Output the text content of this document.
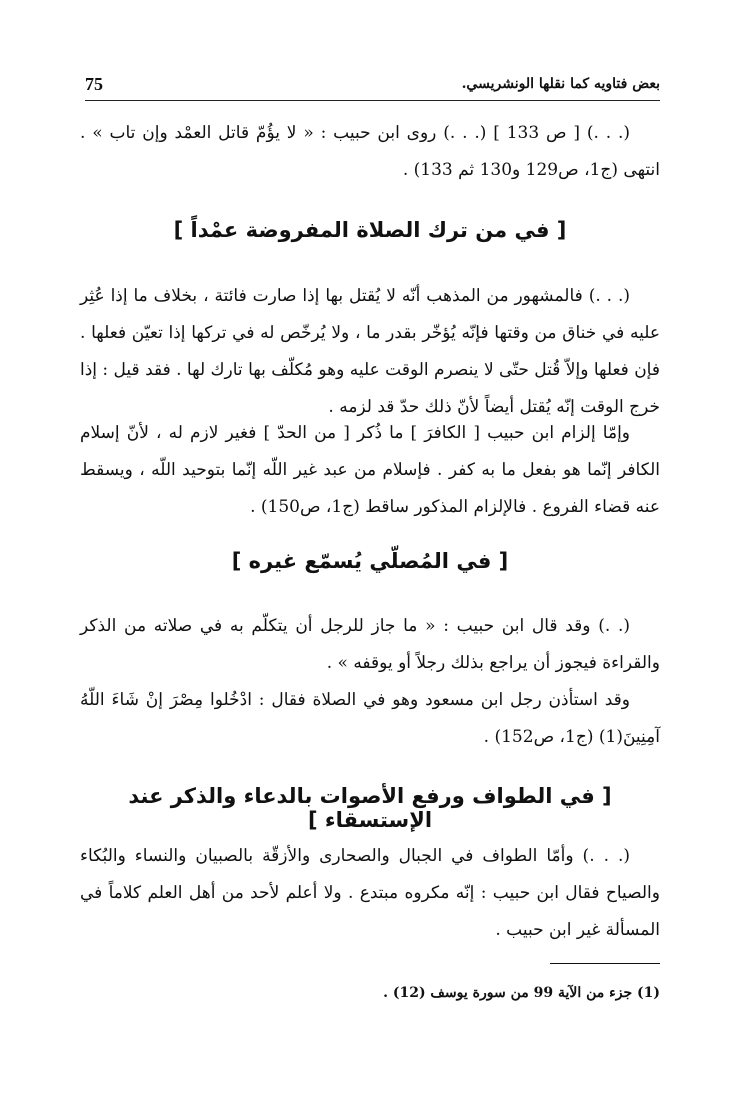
75	بعض فتاويه كما نقلها الونشريسي.

(. . .) [ ص 133 ] (. . .) روى ابن حبيب : « لا يؤُمّ قاتل العمْد وإن تاب » . انتهى (ج1، ص129 و130 ثم 133) .

[ في من ترك الصلاة المفروضة عمْداً ]

(. . .) فالمشهور من المذهب أنّه لا يُقتل بها إذا صارت فائتة ، بخلاف ما إذا عُثِر عليه في خناق من وقتها فإنّه يُؤخّر بقدر ما ، ولا يُرخّص له في تركها إذا تعيّن فعلها . فإن فعلها وإلاّ قُتل حتّى لا ينصرم الوقت عليه وهو مُكلّف بها تارك لها . فقد قيل : إذا خرج الوقت إنّه يُقتل أيضاً لأنّ ذلك حدّ قد لزمه .

وإمّا إلزام ابن حبيب [ الكافرَ ] ما ذُكر [ من الحدّ ] فغير لازم له ، لأنّ إسلام الكافر إنّما هو بفعل ما به كفر . فإسلام من عبد غير اللّه إنّما بتوحيد اللّه ، ويسقط عنه قضاء الفروع . فالإلزام المذكور ساقط (ج1، ص150) .

[ في المُصلّي يُسمّع غيره ]

(. .) وقد قال ابن حبيب : « ما جاز للرجل أن يتكلّم به في صلاته من الذكر والقراءة فيجوز أن يراجع بذلك رجلاً أو يوقفه » .

وقد استأذن رجل ابن مسعود وهو في الصلاة فقال : ادْخُلوا مِصْرَ إنْ شَاءَ اللّهُ آمِنِينَ(1) (ج1، ص152) .

[ في الطواف ورفع الأصوات بالدعاء والذكر عند الإستسقاء ]

(. . .) وأمّا الطواف في الجبال والصحارى والأزقّة بالصبيان والنساء والبُكاء والصياح فقال ابن حبيب : إنّه مكروه مبتدع . ولا أعلم لأحد من أهل العلم كلاماً في المسألة غير ابن حبيب .

(1) جزء من الآية 99 من سورة يوسف (12) .
